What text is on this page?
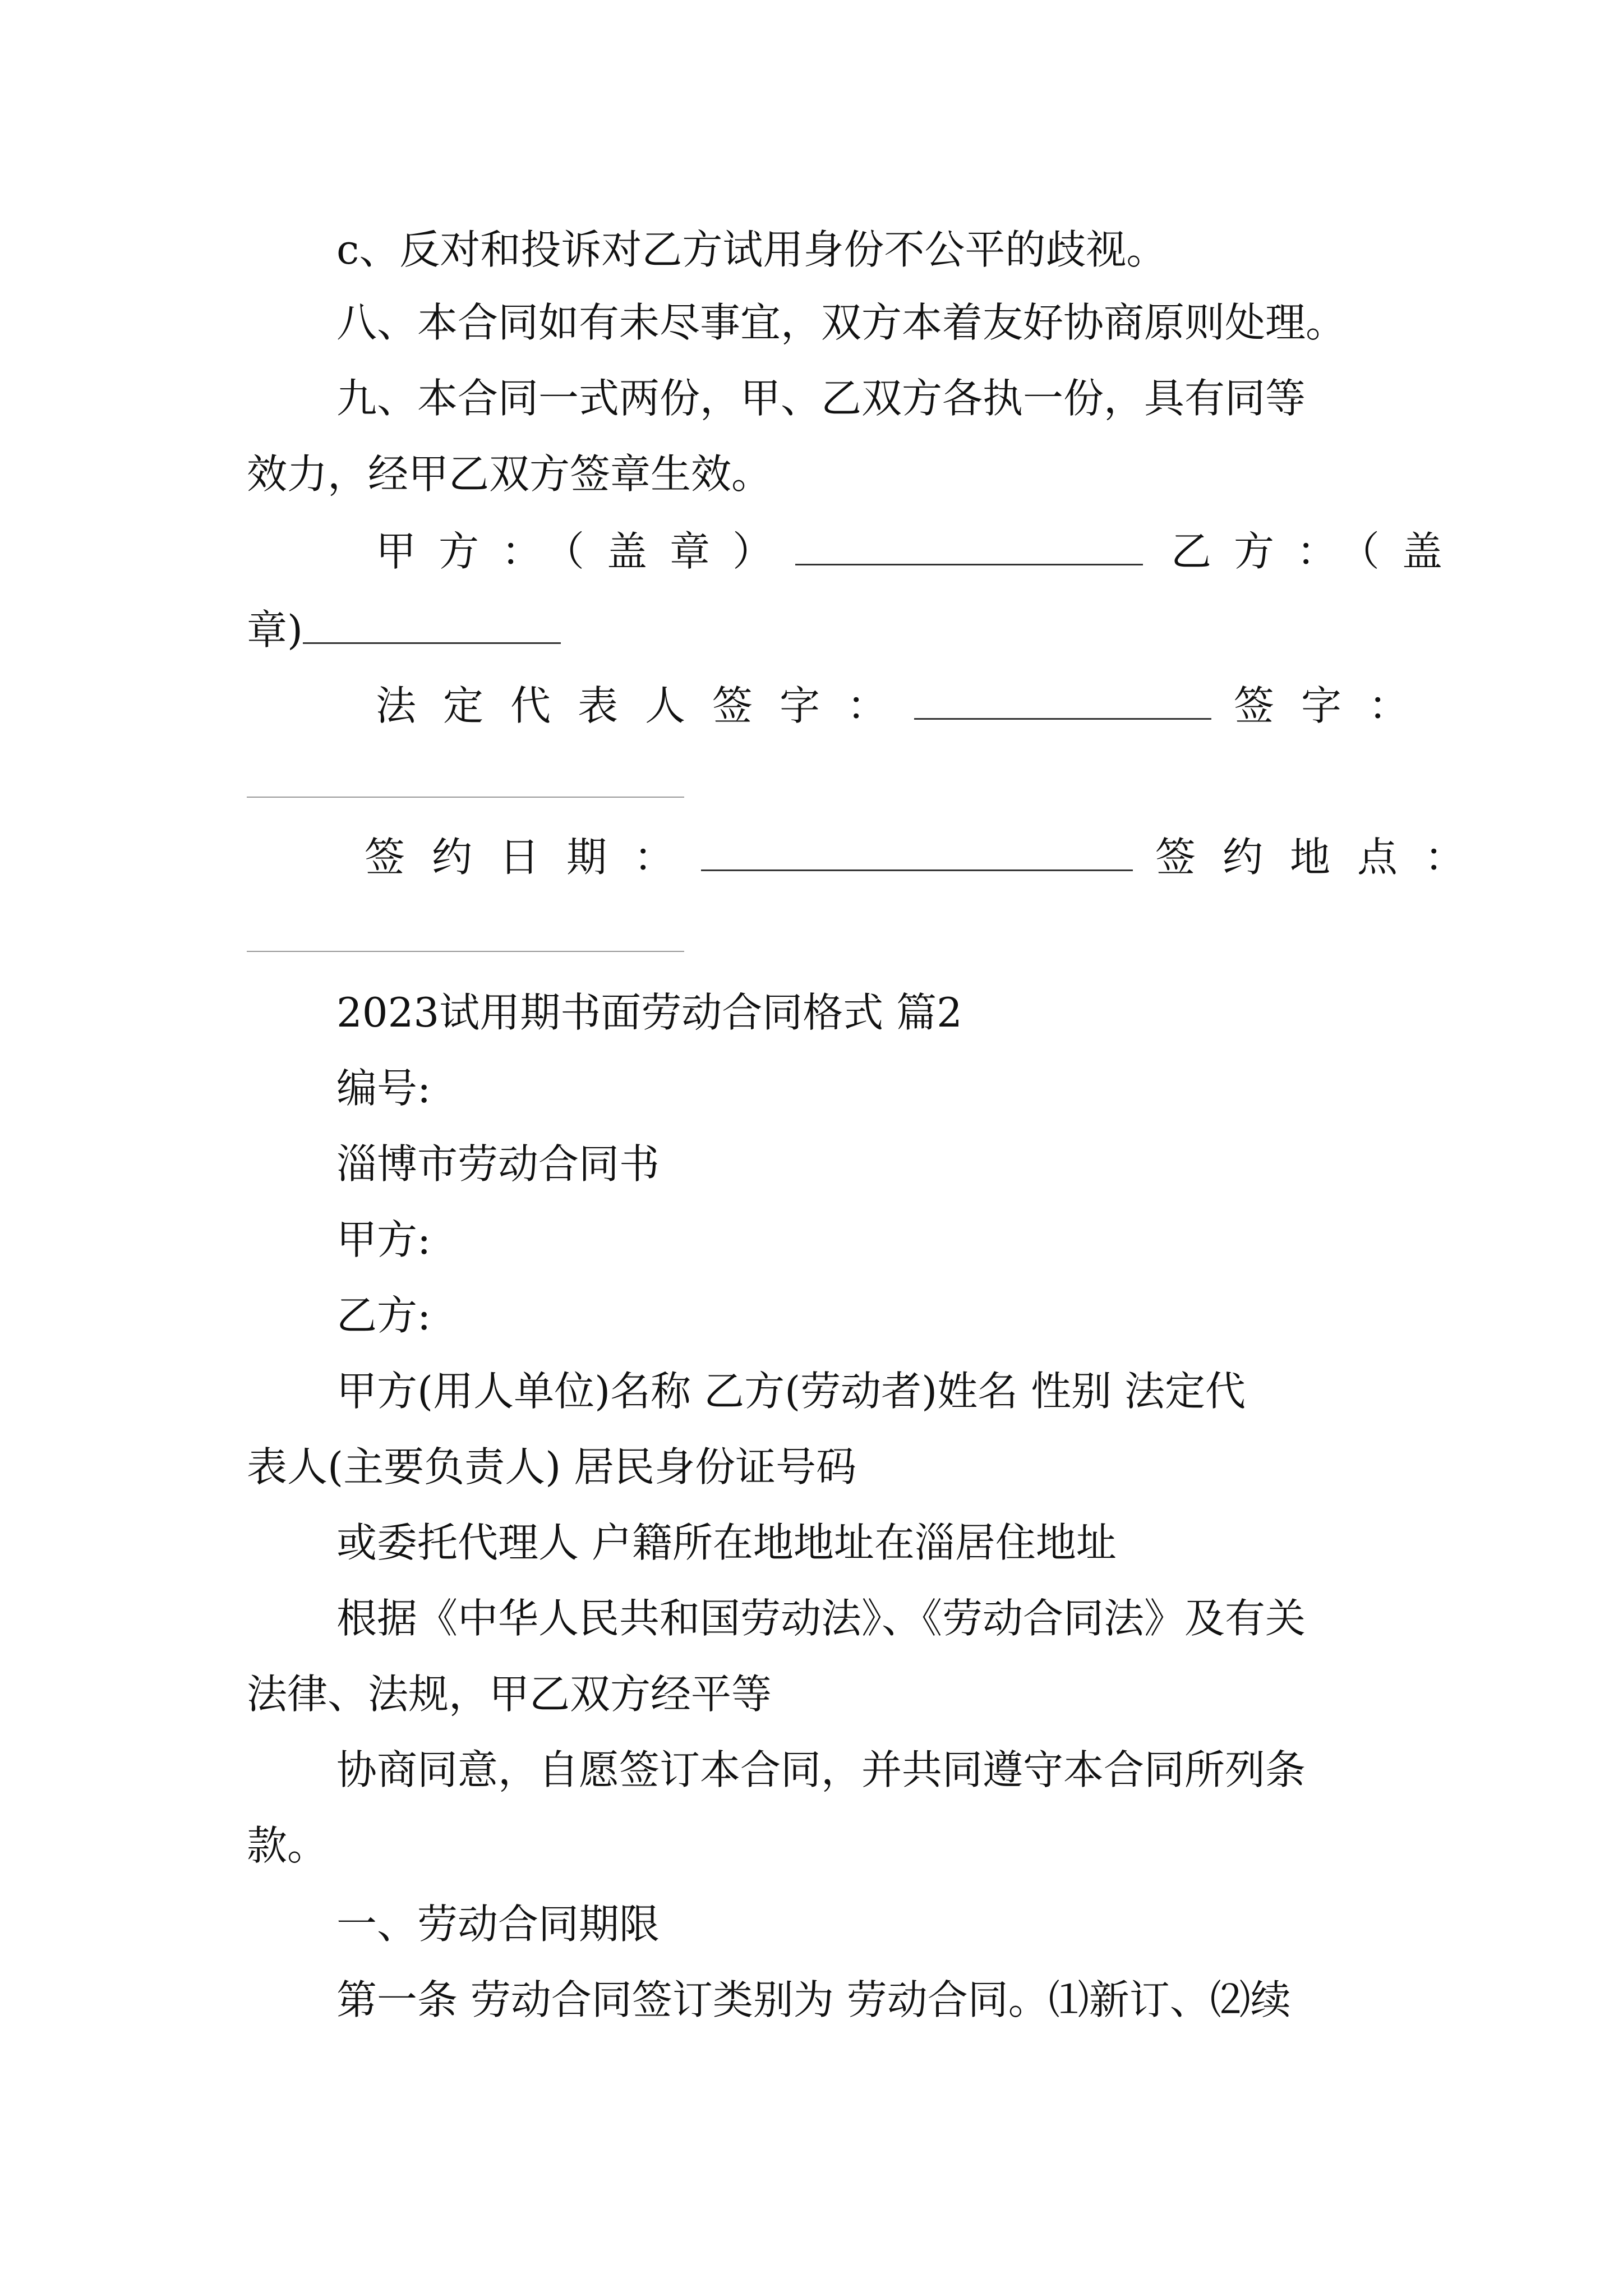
c、反对和投诉对乙方试用身份不公平的歧视。
八、本合同如有未尽事宜，双方本着友好协商原则处理。
九、本合同一式两份，甲、乙双方各执一份，具有同等
效力，经甲乙双方签章生效。
甲方：（盖章）	乙方：（盖
章)
法定代表人签字：	签字：
签约日期：	签约地点：
2023试用期书面劳动合同格式 篇2
编号:
淄博市劳动合同书
甲方:
乙方:
甲方(用人单位)名称 乙方(劳动者)姓名 性别 法定代
表人(主要负责人) 居民身份证号码
或委托代理人 户籍所在地地址在淄居住地址
根据《中华人民共和国劳动法》、《劳动合同法》及有关
法律、法规，甲乙双方经平等
协商同意，自愿签订本合同，并共同遵守本合同所列条
款。
一、劳动合同期限
第一条 劳动合同签订类别为 劳动合同。⑴新订、⑵续
